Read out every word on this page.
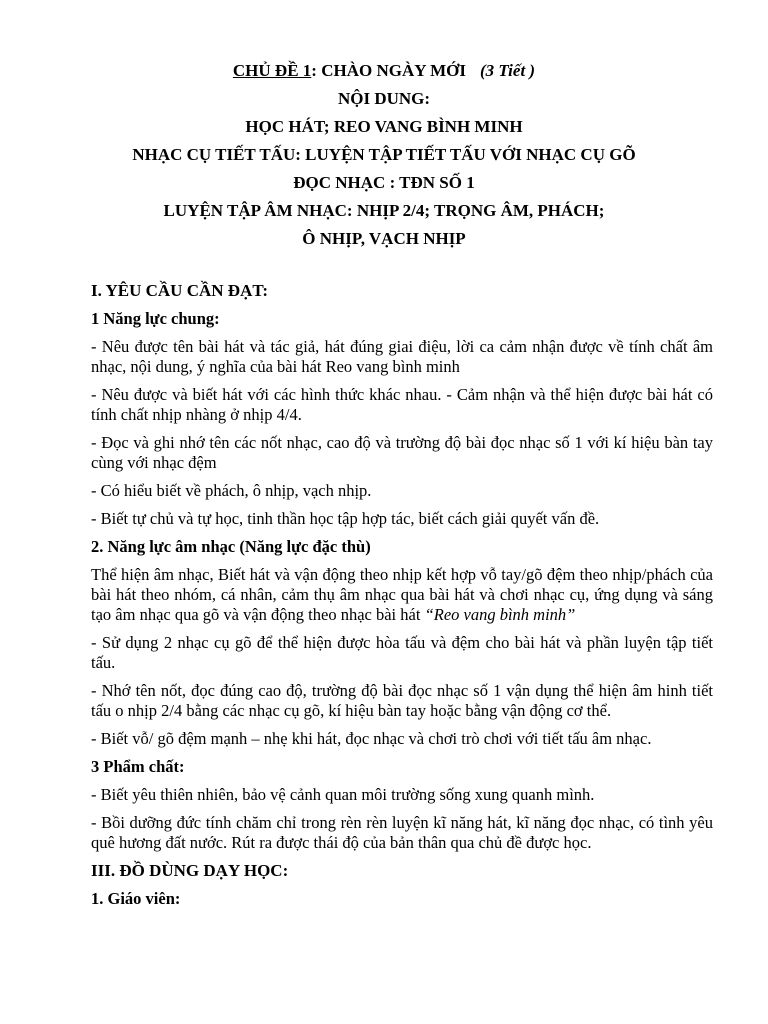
CHỦ ĐỀ 1: CHÀO NGÀY MỚI (3 Tiết )

NỘI DUNG:

HỌC HÁT; REO VANG BÌNH MINH

NHẠC CỤ TIẾT TẤU: LUYỆN TẬP TIẾT TẤU VỚI NHẠC CỤ GÕ

ĐỌC NHẠC : TĐN SỐ 1

LUYỆN TẬP ÂM NHẠC: NHỊP 2/4; TRỌNG ÂM, PHÁCH;

Ô NHỊP, VẠCH NHỊP

I. YÊU CẦU CẦN ĐẠT:

1 Năng lực chung:

- Nêu được tên bài hát và tác giả, hát đúng giai điệu, lời ca cảm nhận được về tính chất âm nhạc, nội dung, ý nghĩa của bài hát Reo vang bình minh

- Nêu được và biết hát với các hình thức khác nhau. - Cảm nhận và thể hiện được bài hát có tính chất nhịp nhàng ở nhịp 4/4.

- Đọc và ghi nhớ tên các nốt nhạc, cao độ và trường độ bài đọc nhạc số 1 với kí hiệu bàn tay cùng với nhạc đệm

- Có hiểu biết về phách, ô nhịp, vạch nhịp.

- Biết tự chủ và tự học, tinh thần học tập hợp tác, biết cách giải quyết vấn đề.

2. Năng lực âm nhạc (Năng lực đặc thù)

Thể hiện âm nhạc, Biết hát và vận động theo nhịp kết hợp vỗ tay/gõ đệm theo nhịp/phách của bài hát theo nhóm, cá nhân, cảm thụ âm nhạc qua bài hát và chơi nhạc cụ, ứng dụng và sáng tạo âm nhạc qua gõ và vận động theo nhạc bài hát “Reo vang bình minh”

- Sử dụng 2 nhạc cụ gõ để thể hiện được hòa tấu và đệm cho bài hát và phần luyện tập tiết tấu.

- Nhớ tên nốt, đọc đúng cao độ, trường độ bài đọc nhạc số 1 vận dụng thể hiện âm hinh tiết tấu o nhịp 2/4 bằng các nhạc cụ gõ, kí hiệu bàn tay hoặc bằng vận động cơ thể.

- Biết vỗ/ gõ đệm mạnh – nhẹ khi hát, đọc nhạc và chơi trò chơi với tiết tấu âm nhạc.

3 Phẩm chất:

- Biết yêu thiên nhiên, bảo vệ cảnh quan môi trường sống xung quanh mình.

- Bồi dưỡng đức tính chăm chỉ trong rèn rèn luyện kĩ năng hát, kĩ năng đọc nhạc, có tình yêu quê hương đất nước. Rút ra được thái độ của bản thân qua chủ đề được học.

III. ĐỒ DÙNG DẠY HỌC:

1. Giáo viên:
